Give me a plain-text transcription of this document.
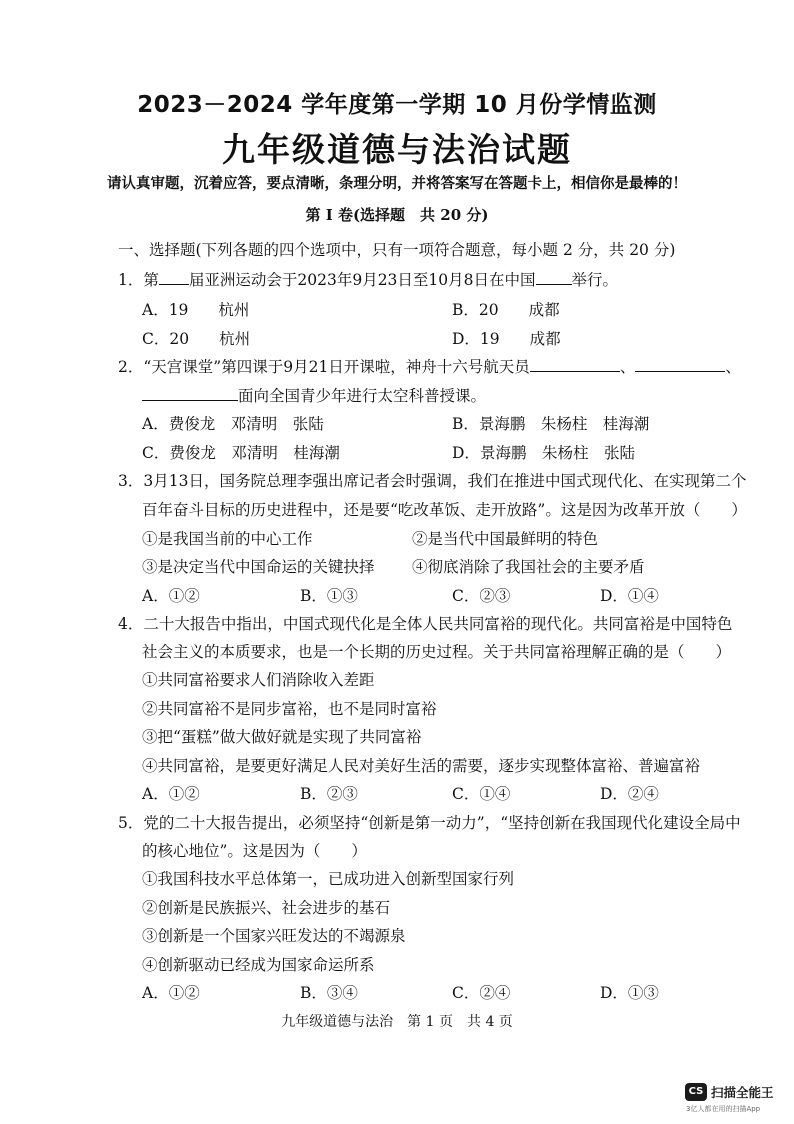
2023－2024 学年度第一学期 10 月份学情监测
九年级道德与法治试题
请认真审题，沉着应答，要点清晰，条理分明，并将答案写在答题卡上，相信你是最棒的！
第 I 卷(选择题　共 20 分)
一、选择题(下列各题的四个选项中，只有一项符合题意，每小题 2 分，共 20 分)
1．第 届亚洲运动会于2023年9月23日至10月8日在中国 举行。
A．19 杭州	B．20 成都
C．20 杭州	D．19 成都
2．“天宫课堂”第四课于9月21日开课啦，神舟十六号航天员	、	、
面向全国青少年进行太空科普授课。
A．费俊龙　邓清明　张陆	B．景海鹏　朱杨柱　桂海潮
C．费俊龙　邓清明　桂海潮	D．景海鹏　朱杨柱　张陆
3．3月13日，国务院总理李强出席记者会时强调，我们在推进中国式现代化、在实现第二个
百年奋斗目标的历史进程中，还是要“吃改革饭、走开放路”。这是因为改革开放（　　）
①是我国当前的中心工作	②是当代中国最鲜明的特色
③是决定当代中国命运的关键抉择 ④彻底消除了我国社会的主要矛盾
A．①②	B．①③	C．②③	D．①④
4．二十大报告中指出，中国式现代化是全体人民共同富裕的现代化。共同富裕是中国特色
社会主义的本质要求，也是一个长期的历史过程。关于共同富裕理解正确的是（　　）
①共同富裕要求人们消除收入差距
②共同富裕不是同步富裕，也不是同时富裕
③把“蛋糕”做大做好就是实现了共同富裕
④共同富裕，是要更好满足人民对美好生活的需要，逐步实现整体富裕、普遍富裕
A．①②	B．②③	C．①④	D．②④
5．党的二十大报告提出，必须坚持“创新是第一动力”，“坚持创新在我国现代化建设全局中
的核心地位”。这是因为（　　）
①我国科技水平总体第一，已成功进入创新型国家行列
②创新是民族振兴、社会进步的基石
③创新是一个国家兴旺发达的不竭源泉
④创新驱动已经成为国家命运所系
A．①②	B．③④	C．②④	D．①③
九年级道德与法治　第 1 页　共 4 页
CS 扫描全能王
3亿人都在用的扫描App
